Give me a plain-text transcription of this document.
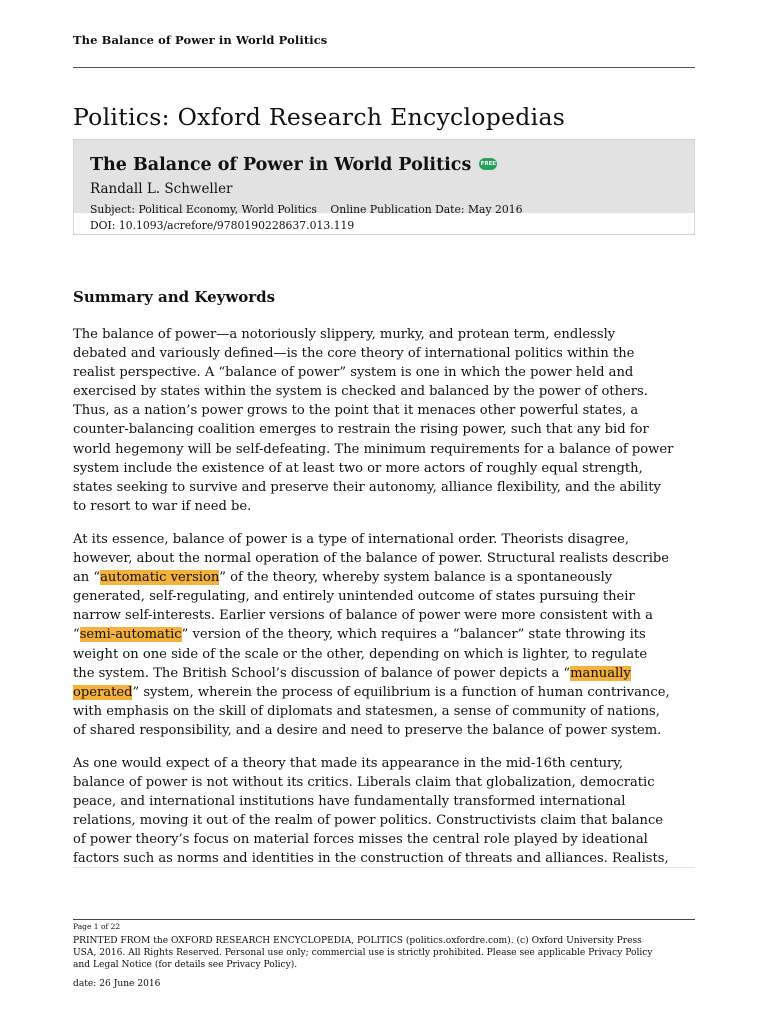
The Balance of Power in World Politics
Politics: Oxford Research Encyclopedias
The Balance of Power in World Politics FREE
Randall L. Schweller
Subject: Political Economy, World Politics Online Publication Date: May 2016
DOI: 10.1093/acrefore/9780190228637.013.119
Summary and Keywords
The balance of power—a notoriously slippery, murky, and protean term, endlessly
debated and variously defined—is the core theory of international politics within the
realist perspective. A “balance of power” system is one in which the power held and
exercised by states within the system is checked and balanced by the power of others.
Thus, as a nation’s power grows to the point that it menaces other powerful states, a
counter-balancing coalition emerges to restrain the rising power, such that any bid for
world hegemony will be self-defeating. The minimum requirements for a balance of power
system include the existence of at least two or more actors of roughly equal strength,
states seeking to survive and preserve their autonomy, alliance flexibility, and the ability
to resort to war if need be.
At its essence, balance of power is a type of international order. Theorists disagree,
however, about the normal operation of the balance of power. Structural realists describe
an “automatic version” of the theory, whereby system balance is a spontaneously
generated, self-regulating, and entirely unintended outcome of states pursuing their
narrow self-interests. Earlier versions of balance of power were more consistent with a
“semi-automatic” version of the theory, which requires a “balancer” state throwing its
weight on one side of the scale or the other, depending on which is lighter, to regulate
the system. The British School’s discussion of balance of power depicts a “manually
operated” system, wherein the process of equilibrium is a function of human contrivance,
with emphasis on the skill of diplomats and statesmen, a sense of community of nations,
of shared responsibility, and a desire and need to preserve the balance of power system.
As one would expect of a theory that made its appearance in the mid-16th century,
balance of power is not without its critics. Liberals claim that globalization, democratic
peace, and international institutions have fundamentally transformed international
relations, moving it out of the realm of power politics. Constructivists claim that balance
of power theory’s focus on material forces misses the central role played by ideational
factors such as norms and identities in the construction of threats and alliances. Realists,
Page 1 of 22
PRINTED FROM the OXFORD RESEARCH ENCYCLOPEDIA, POLITICS (politics.oxfordre.com). (c) Oxford University Press
USA, 2016. All Rights Reserved. Personal use only; commercial use is strictly prohibited. Please see applicable Privacy Policy
and Legal Notice (for details see Privacy Policy).
date: 26 June 2016
